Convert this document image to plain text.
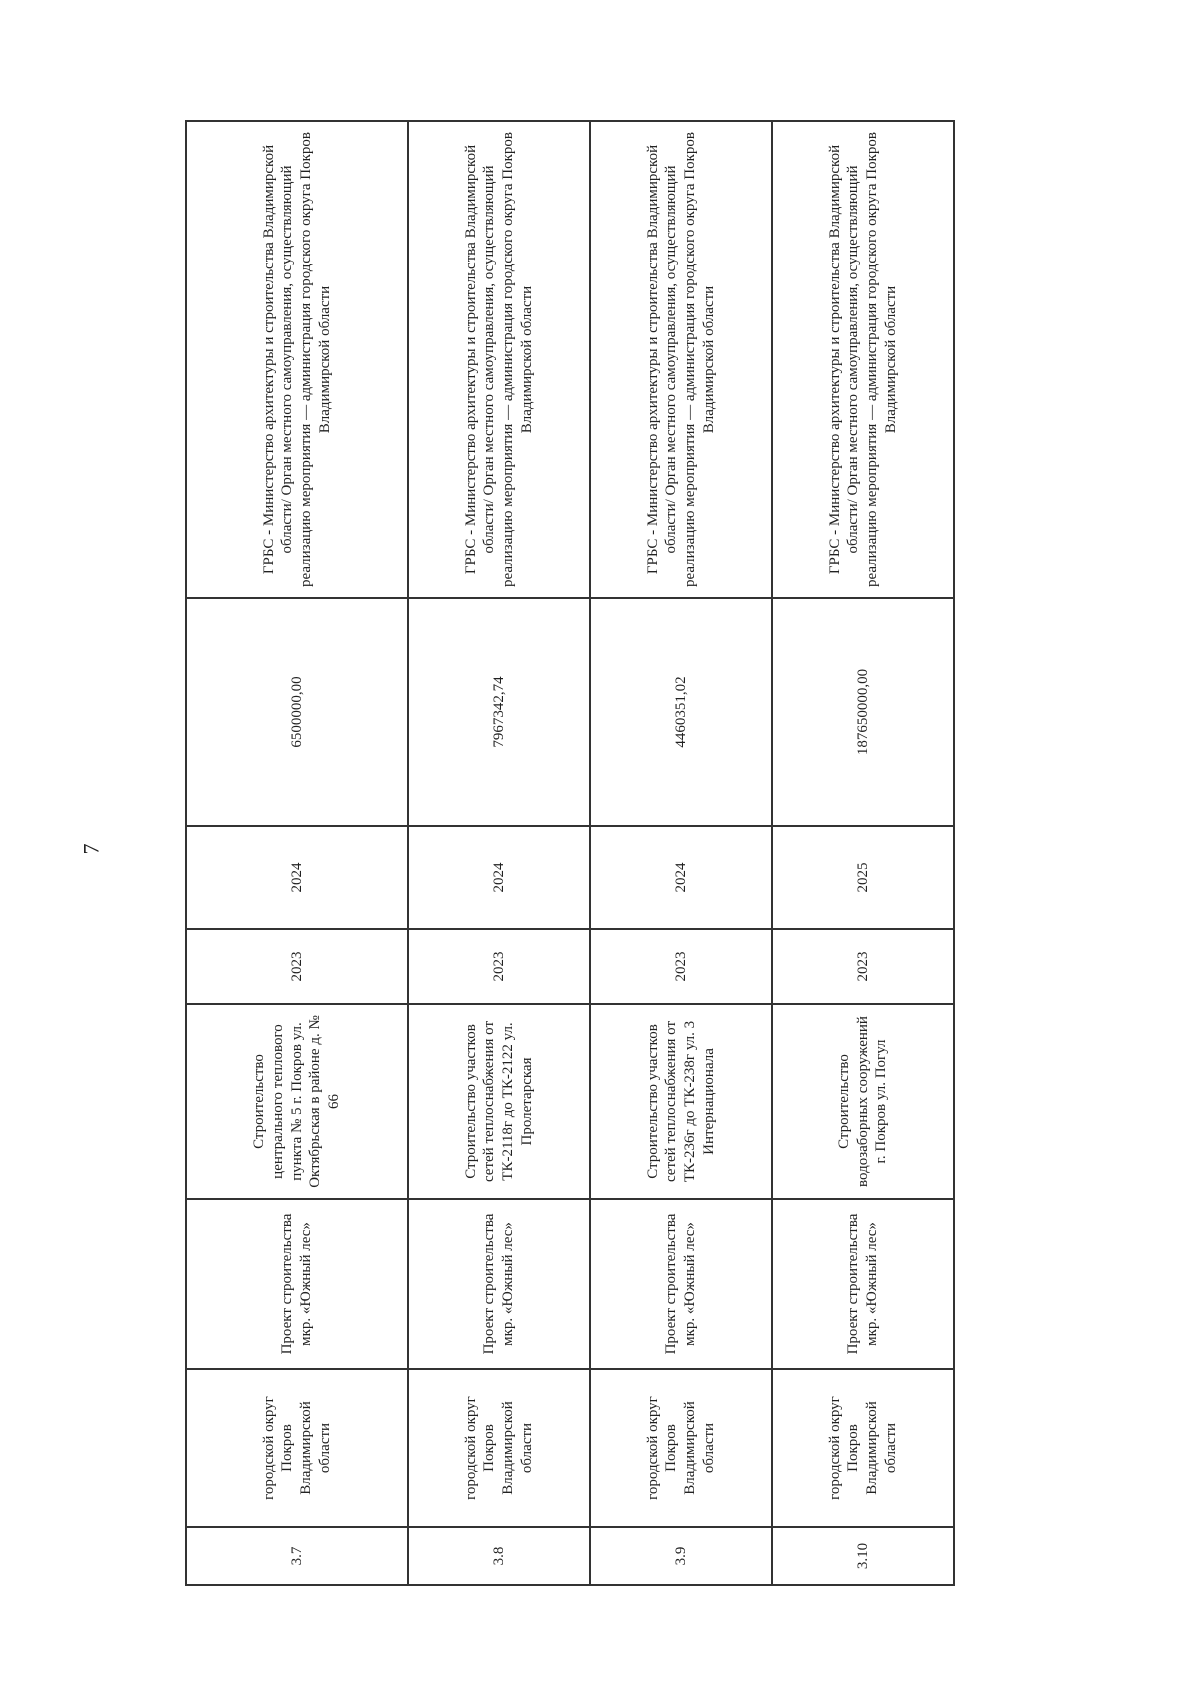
7
3.7	городской округ Покров Владимирской области	Проект строительства мкр. «Южный лес»	Строительство центрального теплового пункта № 5 г. Покров ул. Октябрьская в районе д. № 66	2023	2024	6500000,00	ГРБС - Министерство архитектуры и строительства Владимирской области/ Орган местного самоуправления, осуществляющий реализацию мероприятия — администрация городского округа Покров Владимирской области
3.8	городской округ Покров Владимирской области	Проект строительства мкр. «Южный лес»	Строительство участков сетей теплоснабжения от ТК-2118г до ТК-2122 ул. Пролетарская	2023	2024	7967342,74	ГРБС - Министерство архитектуры и строительства Владимирской области/ Орган местного самоуправления, осуществляющий реализацию мероприятия — администрация городского округа Покров Владимирской области
3.9	городской округ Покров Владимирской области	Проект строительства мкр. «Южный лес»	Строительство участков сетей теплоснабжения от ТК-236г до ТК-238г ул. 3 Интернационала	2023	2024	4460351,02	ГРБС - Министерство архитектуры и строительства Владимирской области/ Орган местного самоуправления, осуществляющий реализацию мероприятия — администрация городского округа Покров Владимирской области
3.10	городской округ Покров Владимирской области	Проект строительства мкр. «Южный лес»	Строительство водозаборных сооружений г. Покров ул. Погул	2023	2025	187650000,00	ГРБС - Министерство архитектуры и строительства Владимирской области/ Орган местного самоуправления, осуществляющий реализацию мероприятия — администрация городского округа Покров Владимирской области
